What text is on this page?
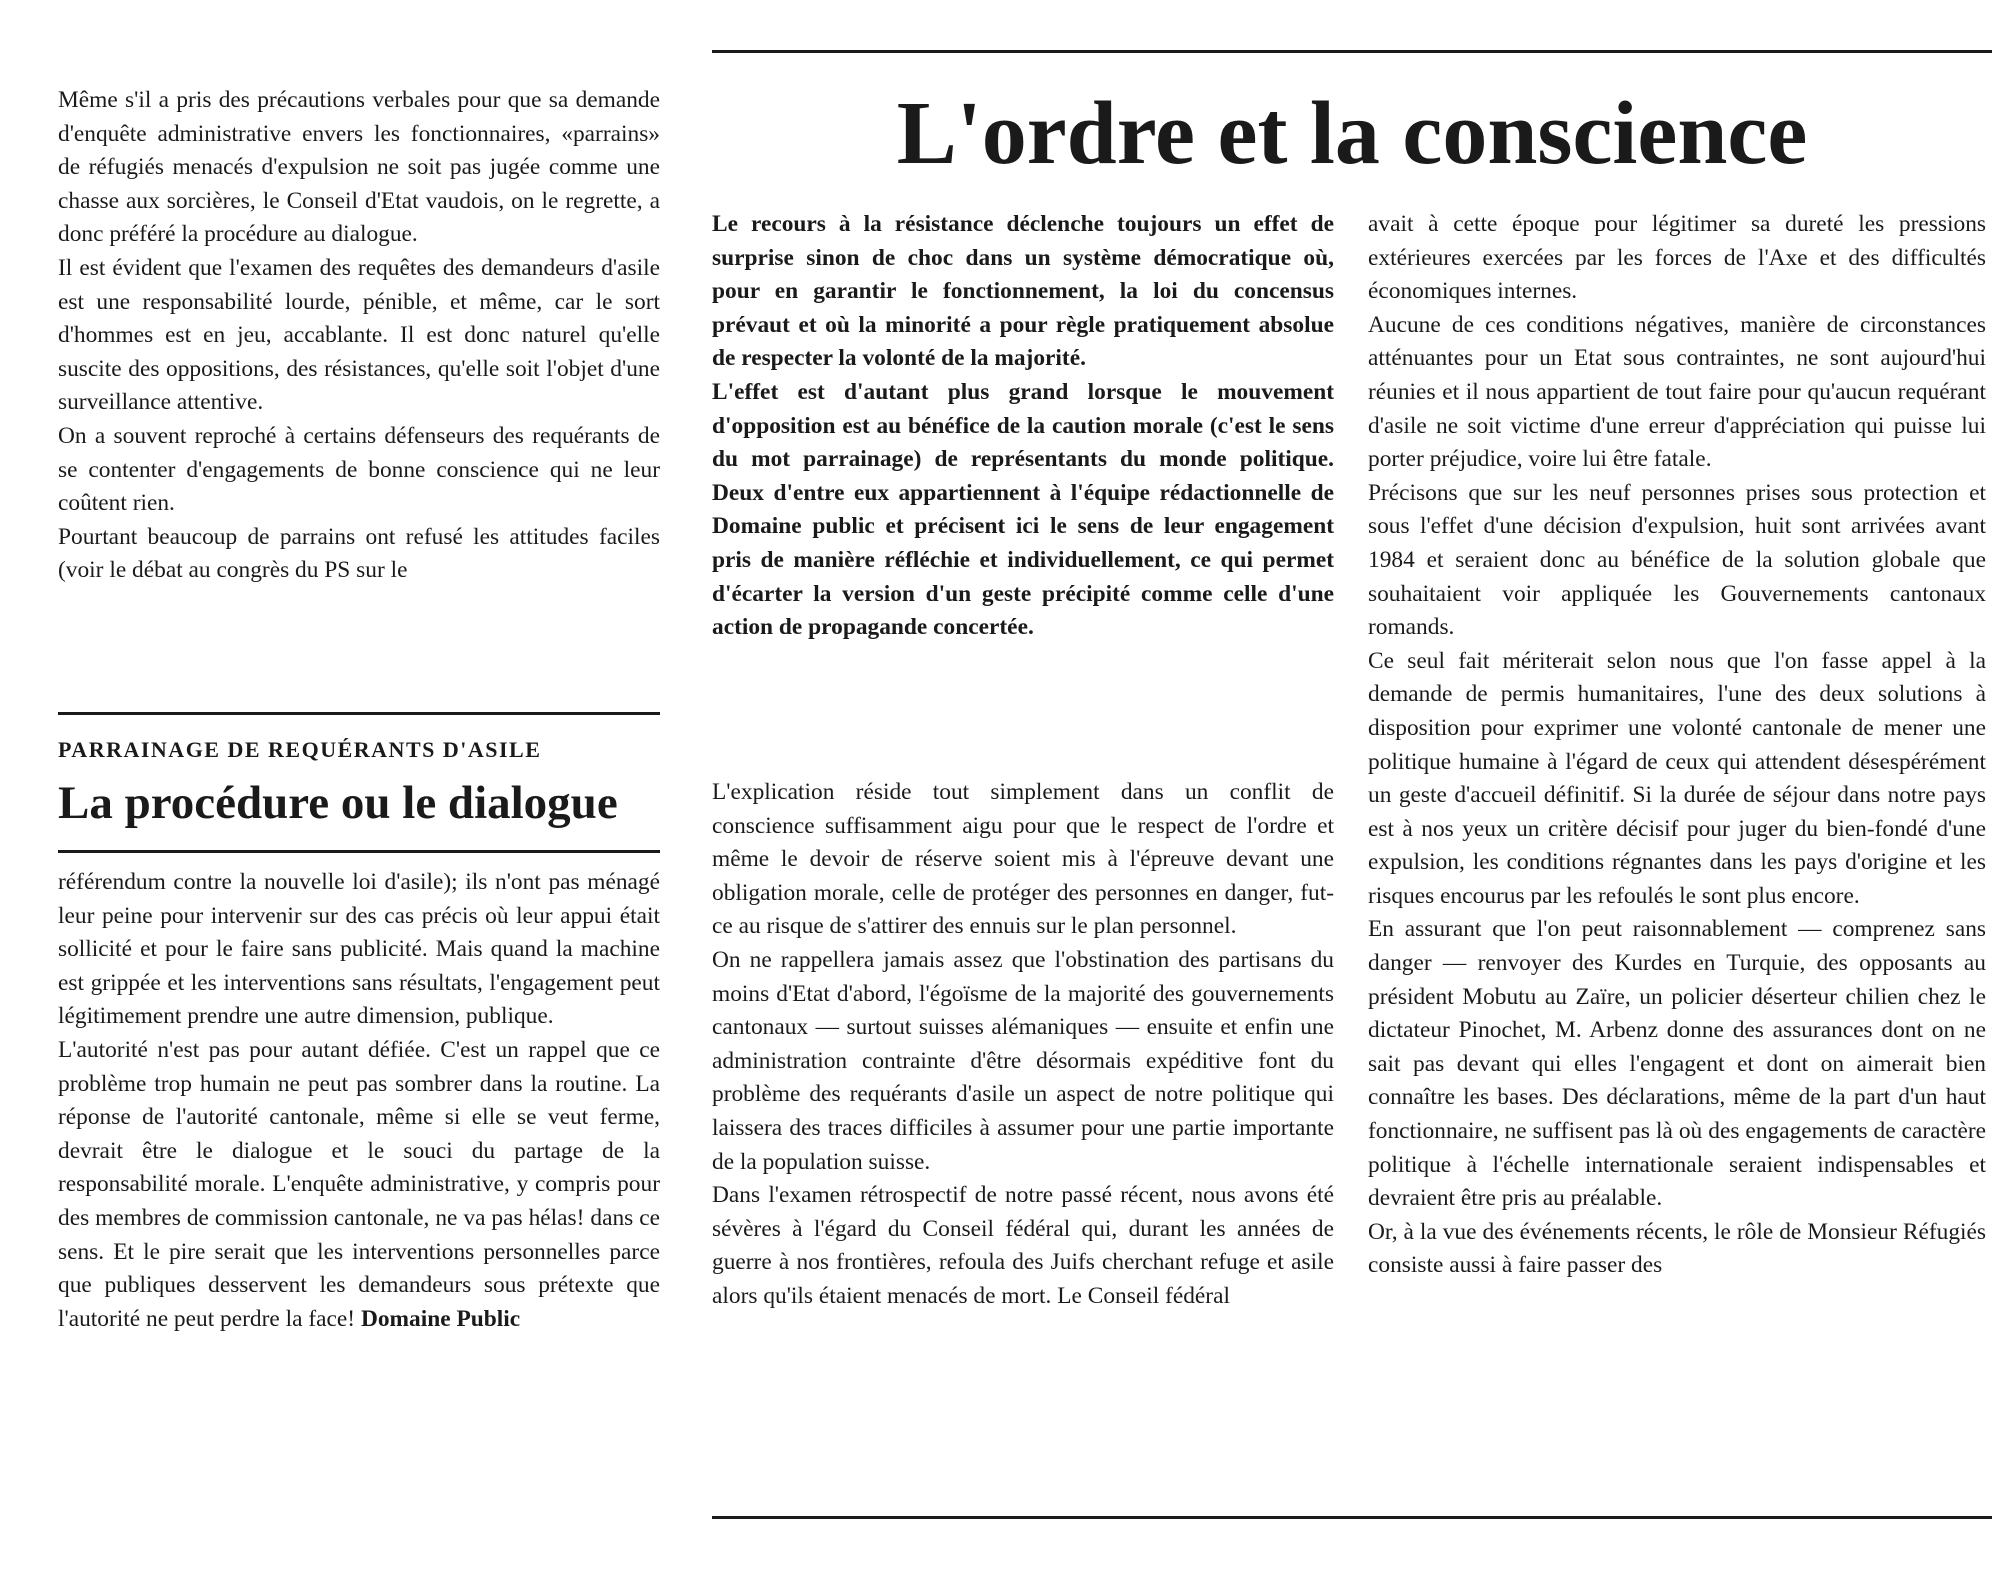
Même s'il a pris des précautions verbales pour que sa demande d'enquête administrative envers les fonctionnaires, «parrains» de réfugiés menacés d'expulsion ne soit pas jugée comme une chasse aux sorcières, le Conseil d'Etat vaudois, on le regrette, a donc préféré la procédure au dialogue.

Il est évident que l'examen des requêtes des demandeurs d'asile est une responsabilité lourde, pénible, et même, car le sort d'hommes est en jeu, accablante. Il est donc naturel qu'elle suscite des oppositions, des résistances, qu'elle soit l'objet d'une surveillance attentive.

On a souvent reproché à certains défenseurs des requérants de se contenter d'engagements de bonne conscience qui ne leur coûtent rien.

Pourtant beaucoup de parrains ont refusé les attitudes faciles (voir le débat au congrès du PS sur le

PARRAINAGE DE REQUÉRANTS D'ASILE
La procédure ou le dialogue

référendum contre la nouvelle loi d'asile); ils n'ont pas ménagé leur peine pour intervenir sur des cas précis où leur appui était sollicité et pour le faire sans publicité. Mais quand la machine est grippée et les interventions sans résultats, l'engagement peut légitimement prendre une autre dimension, publique.

L'autorité n'est pas pour autant défiée. C'est un rappel que ce problème trop humain ne peut pas sombrer dans la routine. La réponse de l'autorité cantonale, même si elle se veut ferme, devrait être le dialogue et le souci du partage de la responsabilité morale. L'enquête administrative, y compris pour des membres de commission cantonale, ne va pas hélas! dans ce sens. Et le pire serait que les interventions personnelles parce que publiques desservent les demandeurs sous prétexte que l'autorité ne peut perdre la face! Domaine Public

L'ordre et la conscience

Le recours à la résistance déclenche toujours un effet de surprise sinon de choc dans un système démocratique où, pour en garantir le fonctionnement, la loi du concensus prévaut et où la minorité a pour règle pratiquement absolue de respecter la volonté de la majorité.

L'effet est d'autant plus grand lorsque le mouvement d'opposition est au bénéfice de la caution morale (c'est le sens du mot parrainage) de représentants du monde politique. Deux d'entre eux appartiennent à l'équipe rédactionnelle de Domaine public et précisent ici le sens de leur engagement pris de manière réfléchie et individuellement, ce qui permet d'écarter la version d'un geste précipité comme celle d'une action de propagande concertée.

L'explication réside tout simplement dans un conflit de conscience suffisamment aigu pour que le respect de l'ordre et même le devoir de réserve soient mis à l'épreuve devant une obligation morale, celle de protéger des personnes en danger, fut-ce au risque de s'attirer des ennuis sur le plan personnel.

On ne rappellera jamais assez que l'obstination des partisans du moins d'Etat d'abord, l'égoïsme de la majorité des gouvernements cantonaux — surtout suisses alémaniques — ensuite et enfin une administration contrainte d'être désormais expéditive font du problème des requérants d'asile un aspect de notre politique qui laissera des traces difficiles à assumer pour une partie importante de la population suisse.

Dans l'examen rétrospectif de notre passé récent, nous avons été sévères à l'égard du Conseil fédéral qui, durant les années de guerre à nos frontières, refoula des Juifs cherchant refuge et asile alors qu'ils étaient menacés de mort. Le Conseil fédéral

avait à cette époque pour légitimer sa dureté les pressions extérieures exercées par les forces de l'Axe et des difficultés économiques internes.

Aucune de ces conditions négatives, manière de circonstances atténuantes pour un Etat sous contraintes, ne sont aujourd'hui réunies et il nous appartient de tout faire pour qu'aucun requérant d'asile ne soit victime d'une erreur d'appréciation qui puisse lui porter préjudice, voire lui être fatale.

Précisons que sur les neuf personnes prises sous protection et sous l'effet d'une décision d'expulsion, huit sont arrivées avant 1984 et seraient donc au bénéfice de la solution globale que souhaitaient voir appliquée les Gouvernements cantonaux romands.

Ce seul fait mériterait selon nous que l'on fasse appel à la demande de permis humanitaires, l'une des deux solutions à disposition pour exprimer une volonté cantonale de mener une politique humaine à l'égard de ceux qui attendent désespérément un geste d'accueil définitif. Si la durée de séjour dans notre pays est à nos yeux un critère décisif pour juger du bien-fondé d'une expulsion, les conditions régnantes dans les pays d'origine et les risques encourus par les refoulés le sont plus encore.

En assurant que l'on peut raisonnablement — comprenez sans danger — renvoyer des Kurdes en Turquie, des opposants au président Mobutu au Zaïre, un policier déserteur chilien chez le dictateur Pinochet, M. Arbenz donne des assurances dont on ne sait pas devant qui elles l'engagent et dont on aimerait bien connaître les bases. Des déclarations, même de la part d'un haut fonctionnaire, ne suffisent pas là où des engagements de caractère politique à l'échelle internationale seraient indispensables et devraient être pris au préalable.

Or, à la vue des événements récents, le rôle de Monsieur Réfugiés consiste aussi à faire passer des
